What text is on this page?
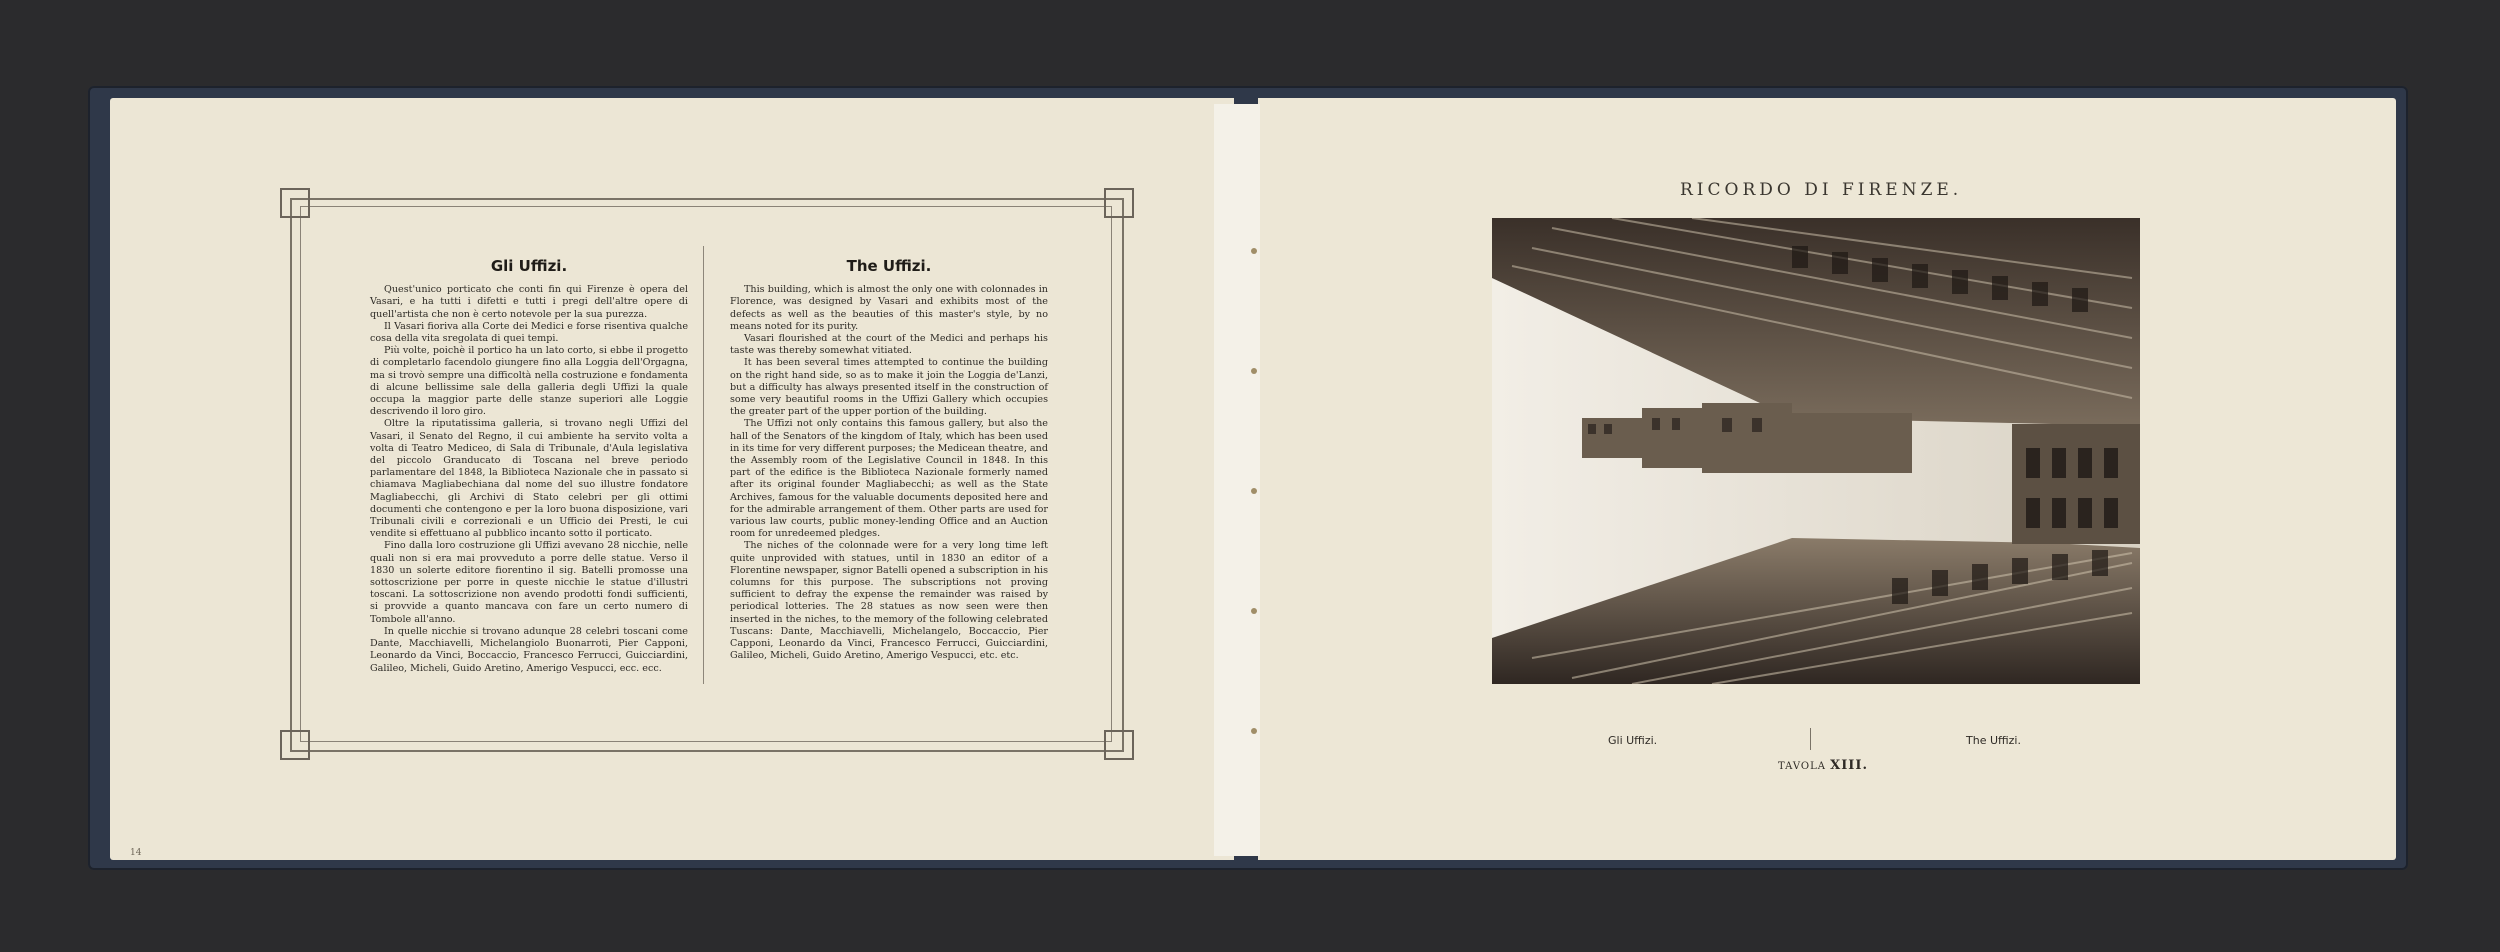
Gli Uffizi.

Quest'unico porticato che conti fin qui Firenze è opera del Vasari, e ha tutti i difetti e tutti i pregi dell'altre opere di quell'artista che non è certo notevole per la sua purezza.

Il Vasari fioriva alla Corte dei Medici e forse risentiva qualche cosa della vita sregolata di quei tempi.

Più volte, poichè il portico ha un lato corto, si ebbe il progetto di completarlo facendolo giungere fino alla Loggia dell'Orgagna, ma si trovò sempre una difficoltà nella costruzione e fondamenta di alcune bellissime sale della galleria degli Uffizi la quale occupa la maggior parte delle stanze superiori alle Loggie descrivendo il loro giro.

Oltre la riputatissima galleria, si trovano negli Uffizi del Vasari, il Senato del Regno, il cui ambiente ha servito volta a volta di Teatro Mediceo, di Sala di Tribunale, d'Aula legislativa del piccolo Granducato di Toscana nel breve periodo parlamentare del 1848, la Biblioteca Nazionale che in passato si chiamava Magliabechiana dal nome del suo illustre fondatore Magliabecchi, gli Archivi di Stato celebri per gli ottimi documenti che contengono e per la loro buona disposizione, vari Tribunali civili e correzionali e un Ufficio dei Presti, le cui vendite si effettuano al pubblico incanto sotto il porticato.

Fino dalla loro costruzione gli Uffizi avevano 28 nicchie, nelle quali non si era mai provveduto a porre delle statue. Verso il 1830 un solerte editore fiorentino il sig. Batelli promosse una sottoscrizione per porre in queste nicchie le statue d'illustri toscani. La sottoscrizione non avendo prodotti fondi sufficienti, si provvide a quanto mancava con fare un certo numero di Tombole all'anno.

In quelle nicchie si trovano adunque 28 celebri toscani come Dante, Macchiavelli, Michelangiolo Buonarroti, Pier Capponi, Leonardo da Vinci, Boccaccio, Francesco Ferrucci, Guicciardini, Galileo, Micheli, Guido Aretino, Amerigo Vespucci, ecc. ecc.

The Uffizi.

This building, which is almost the only one with colonnades in Florence, was designed by Vasari and exhibits most of the defects as well as the beauties of this master's style, by no means noted for its purity.

Vasari flourished at the court of the Medici and perhaps his taste was thereby somewhat vitiated.

It has been several times attempted to continue the building on the right hand side, so as to make it join the Loggia de'Lanzi, but a difficulty has always presented itself in the construction of some very beautiful rooms in the Uffizi Gallery which occupies the greater part of the upper portion of the building.

The Uffizi not only contains this famous gallery, but also the hall of the Senators of the kingdom of Italy, which has been used in its time for very different purposes; the Medicean theatre, and the Assembly room of the Legislative Council in 1848. In this part of the edifice is the Biblioteca Nazionale formerly named after its original founder Magliabecchi; as well as the State Archives, famous for the valuable documents deposited here and for the admirable arrangement of them. Other parts are used for various law courts, public money-lending Office and an Auction room for unredeemed pledges.

The niches of the colonnade were for a very long time left quite unprovided with statues, until in 1830 an editor of a Florentine newspaper, signor Batelli opened a subscription in his columns for this purpose. The subscriptions not proving sufficient to defray the expense the remainder was raised by periodical lotteries. The 28 statues as now seen were then inserted in the niches, to the memory of the following celebrated Tuscans: Dante, Macchiavelli, Michelangelo, Boccaccio, Pier Capponi, Leonardo da Vinci, Francesco Ferrucci, Guicciardini, Galileo, Micheli, Guido Aretino, Amerigo Vespucci, etc. etc.

14
RICORDO DI FIRENZE.
Gli Uffizi.	The Uffizi.
TAVOLA XIII.
